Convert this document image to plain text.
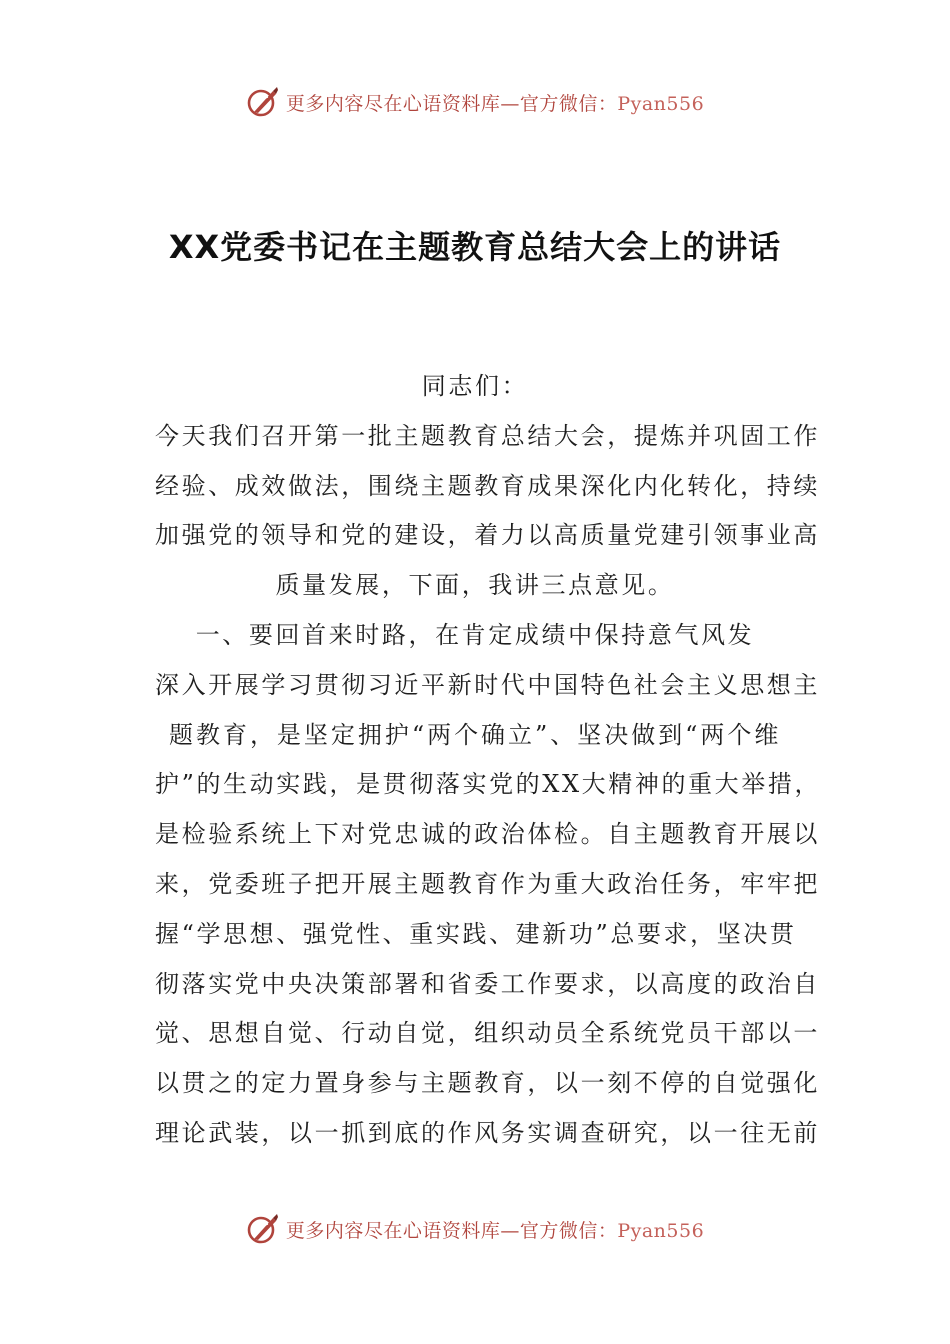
更多内容尽在心语资料库—官方微信：Pyan556
XX党委书记在主题教育总结大会上的讲话
同志们：
今天我们召开第一批主题教育总结大会，提炼并巩固工作
经验、成效做法，围绕主题教育成果深化内化转化，持续
加强党的领导和党的建设，着力以高质量党建引领事业高
质量发展，下面，我讲三点意见。
一、要回首来时路，在肯定成绩中保持意气风发
深入开展学习贯彻习近平新时代中国特色社会主义思想主
题教育，是坚定拥护“两个确立”、坚决做到“两个维
护”的生动实践，是贯彻落实党的XX大精神的重大举措，
是检验系统上下对党忠诚的政治体检。自主题教育开展以
来，党委班子把开展主题教育作为重大政治任务，牢牢把
握“学思想、强党性、重实践、建新功”总要求，坚决贯
彻落实党中央决策部署和省委工作要求，以高度的政治自
觉、思想自觉、行动自觉，组织动员全系统党员干部以一
以贯之的定力置身参与主题教育，以一刻不停的自觉强化
理论武装，以一抓到底的作风务实调查研究，以一往无前
更多内容尽在心语资料库—官方微信：Pyan556
